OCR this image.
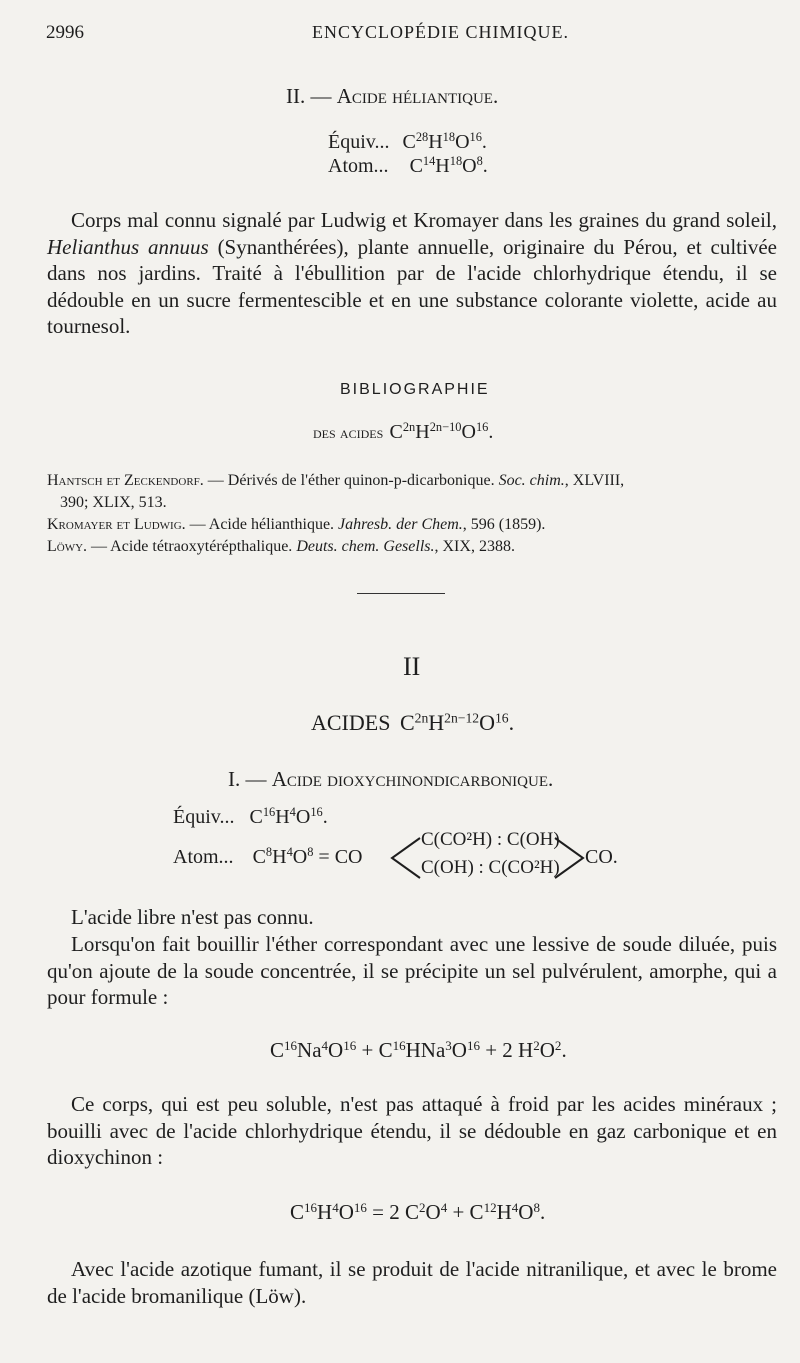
2996	ENCYCLOPÉDIE CHIMIQUE.
II. — Acide héliantique.
Équiv... $C^{28}H^{18}O^{16}$.
Atom... $C^{14}H^{18}O^8$.
Corps mal connu signalé par Ludwig et Kromayer dans les graines du grand soleil, Helianthus annuus (Synanthérées), plante annuelle, originaire du Pérou, et cultivée dans nos jardins. Traité à l'ébullition par de l'acide chlorhydrique étendu, il se dédouble en un sucre fermentescible et en une substance colorante violette, acide au tournesol.
BIBLIOGRAPHIE
des acides $C^{2n}H^{2n-10}O^{16}$.

Hantsch et Zeckendorf. — Dérivés de l'éther quinon-p-dicarbonique. Soc. chim., XLVIII,

390; XLIX, 513.

Kromayer et Ludwig. — Acide hélianthique. Jahresb. der Chem., 596 (1859).

Löwy. — Acide tétraoxytérépthalique. Deuts. chem. Gesells., XIX, 2388.

II
ACIDES $C^{2n}H^{2n-12}O^{16}$.
I. — Acide dioxychinondicarbonique.
Équiv... $C^{16}H^4O^{16}$.
Atom... $C^8H^4O^8$ = CO
C(CO²H) : C(OH)
C(OH) : C(CO²H) CO.
L'acide libre n'est pas connu.
Lorsqu'on fait bouillir l'éther correspondant avec une lessive de soude diluée, puis qu'on ajoute de la soude concentrée, il se précipite un sel pulvérulent, amorphe, qui a pour formule :
$C^{16}Na^4O^{16} + C^{16}HNa^3O^{16} + 2$ $H^2O^2$.
Ce corps, qui est peu soluble, n'est pas attaqué à froid par les acides minéraux ; bouilli avec de l'acide chlorhydrique étendu, il se dédouble en gaz carbonique et en dioxychinon :
$C^{16}H^4O^{16} = 2$ $C^2O^4 + C^{12}H^4O^8$.
Avec l'acide azotique fumant, il se produit de l'acide nitranilique, et avec le brome de l'acide bromanilique (Löw).
